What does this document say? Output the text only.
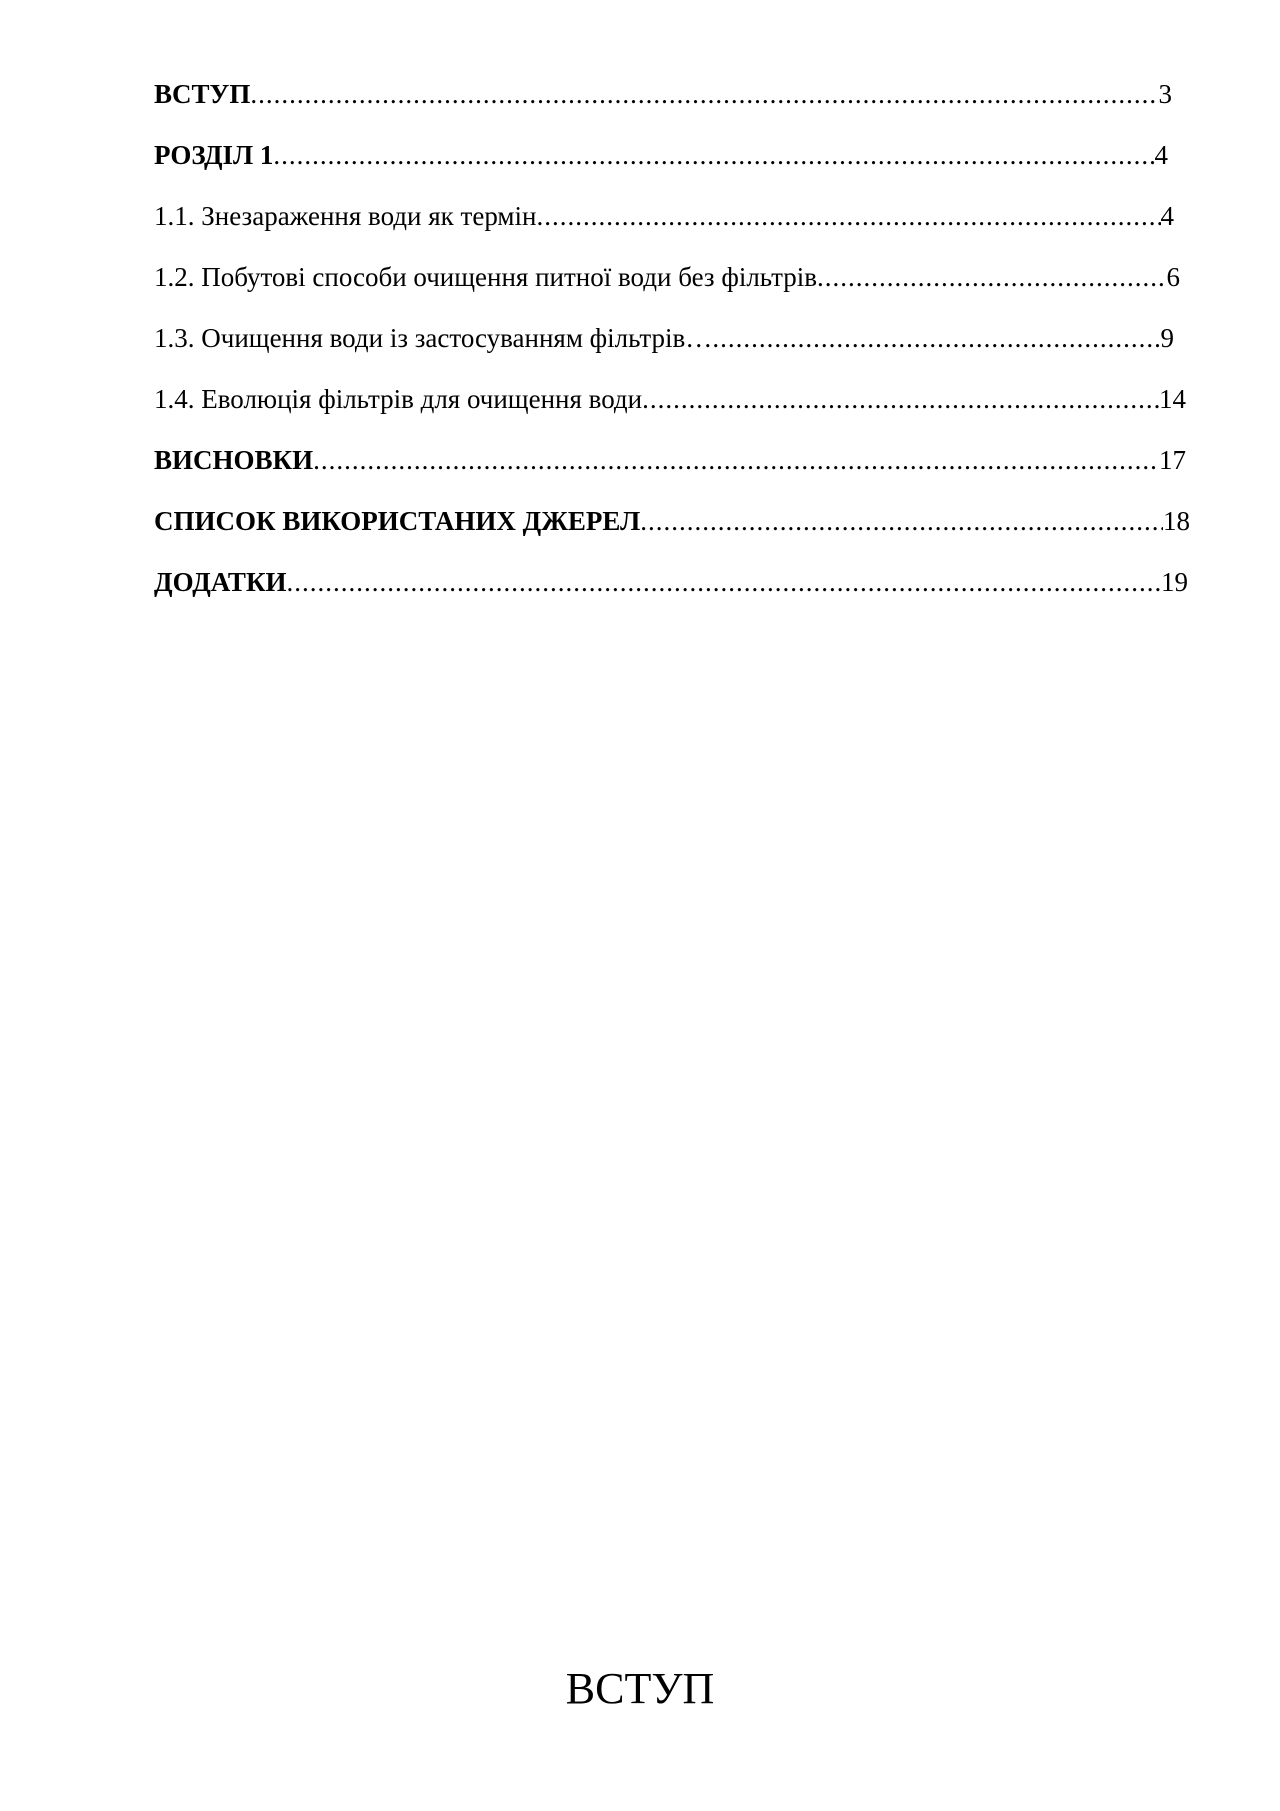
ВСТУП .....	3
РОЗДІЛ 1 .....	4
1.1. Знезараження води як термін .....	4
1.2. Побутові способи очищення питної води без фільтрів .....	6
1.3. Очищення води із застосуванням фільтрів… .....	9
1.4. Еволюція фільтрів для очищення води .....	14
ВИСНОВКИ .....	17
СПИСОК ВИКОРИСТАНИХ ДЖЕРЕЛ .....	18
ДОДАТКИ .....	19
ВСТУП
